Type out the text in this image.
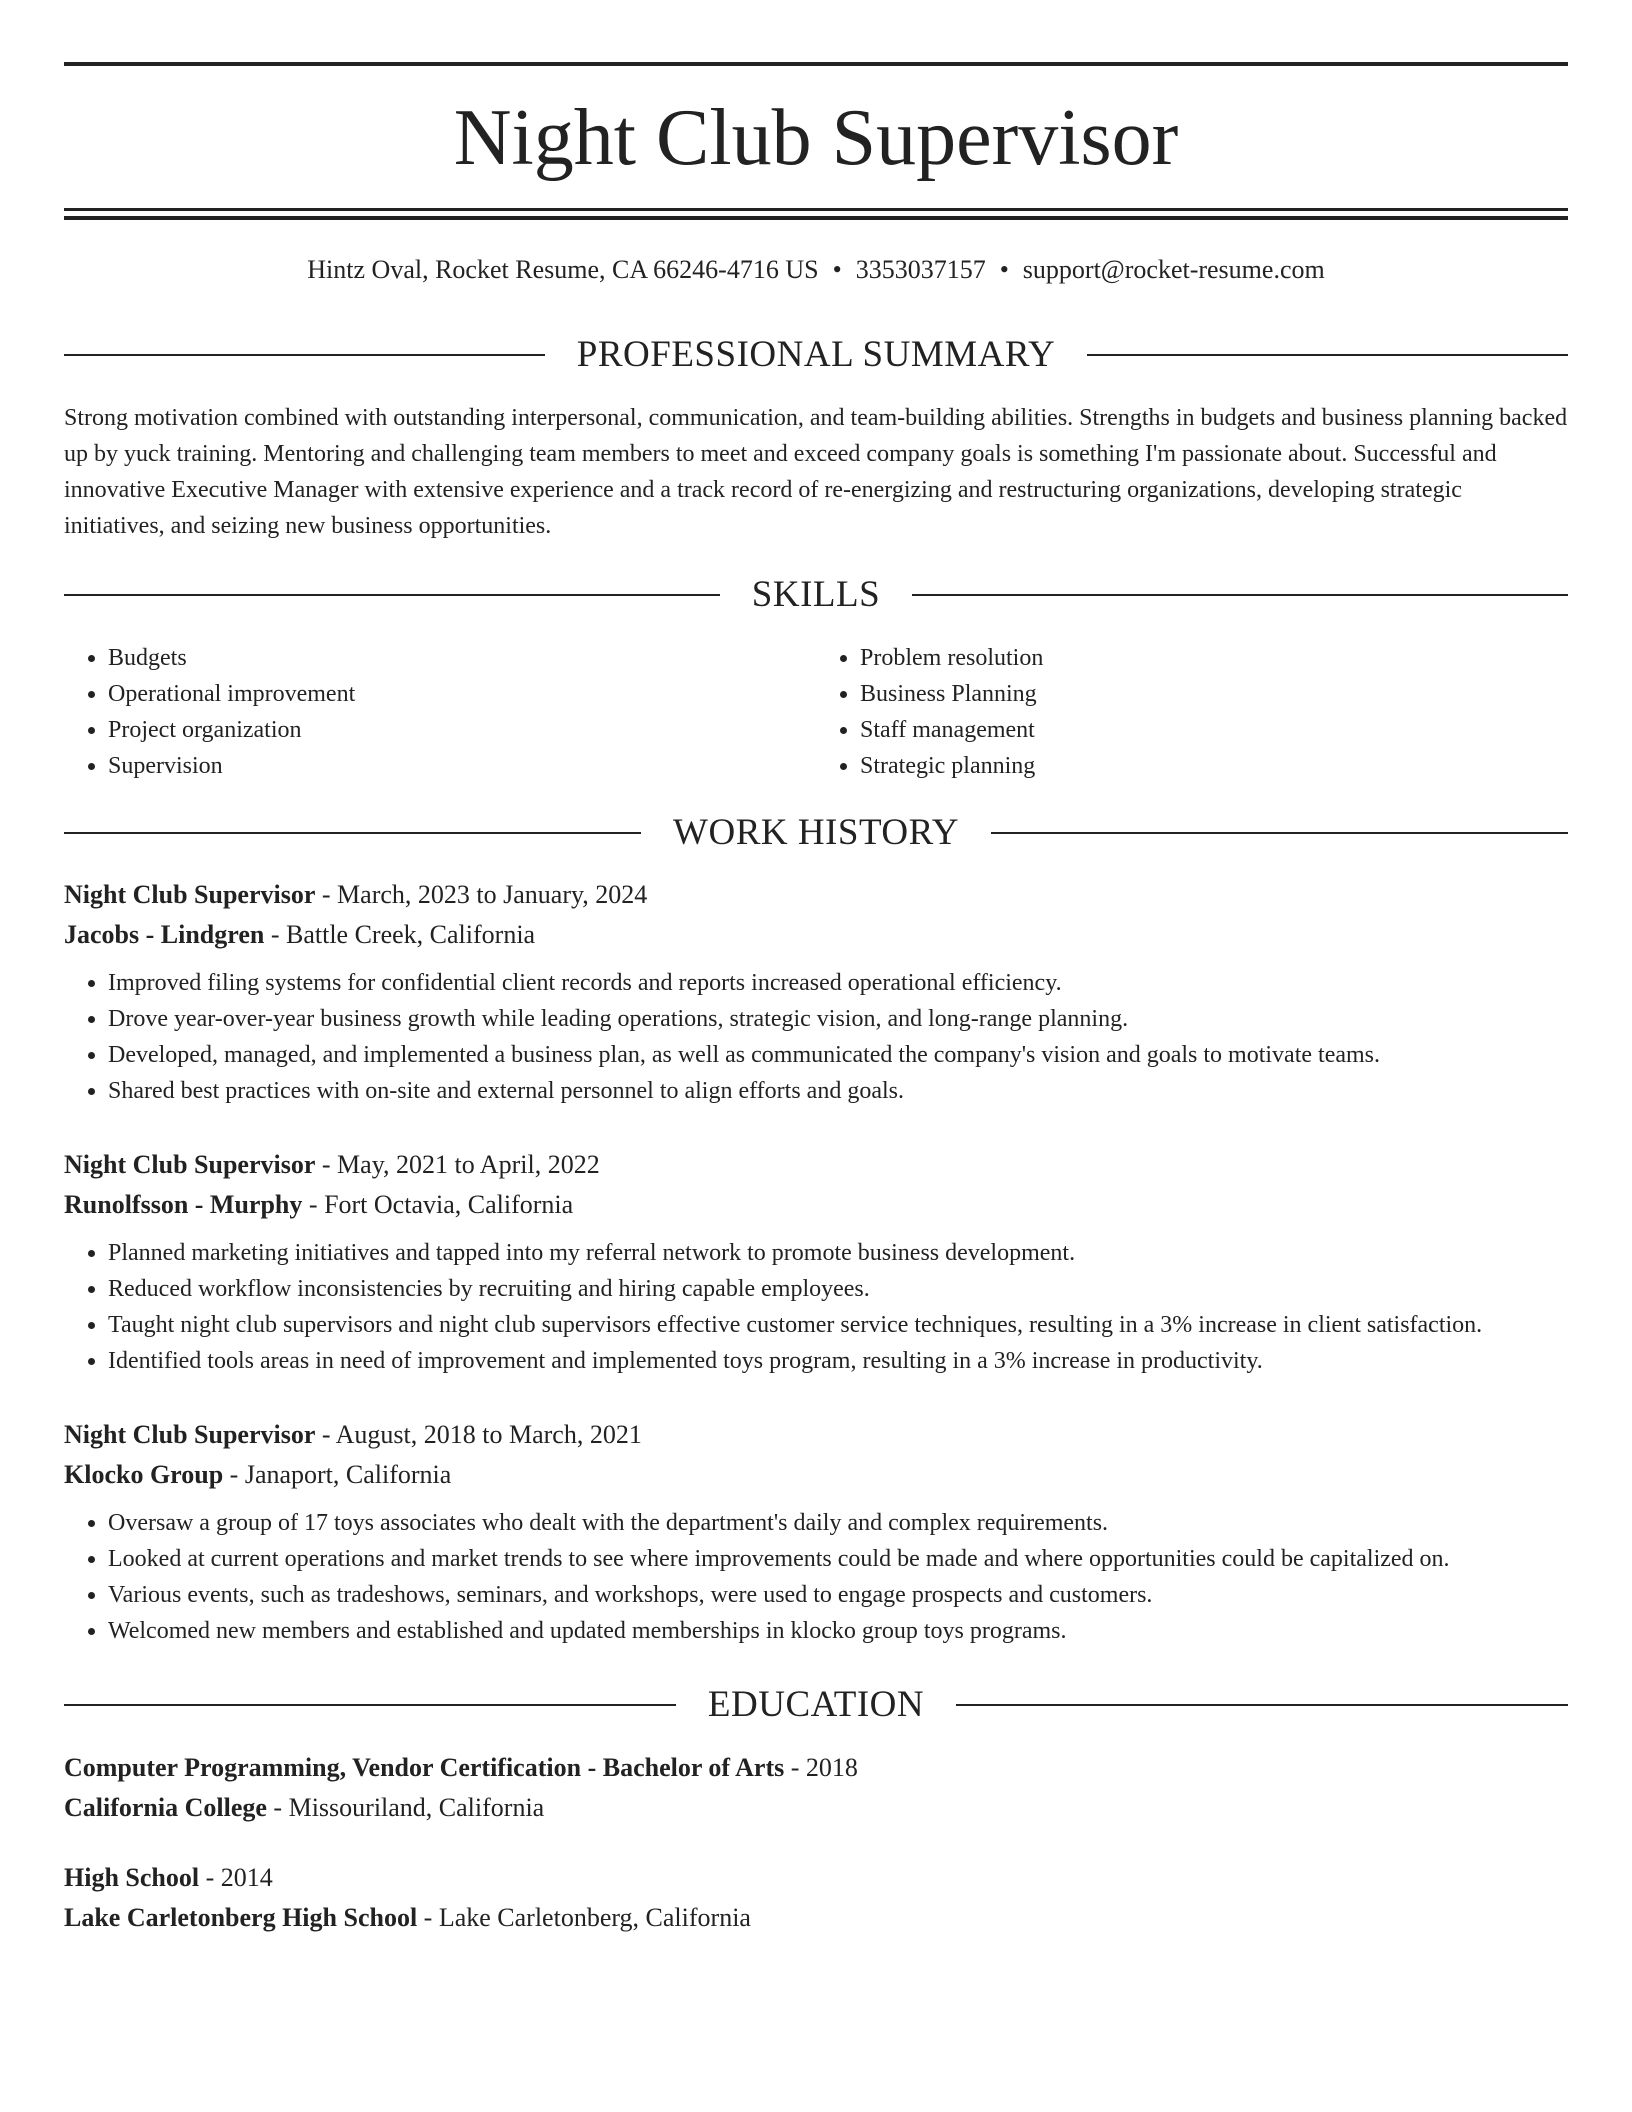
Night Club Supervisor
Hintz Oval, Rocket Resume, CA 66246-4716 US • 3353037157 • support@rocket-resume.com
PROFESSIONAL SUMMARY

Strong motivation combined with outstanding interpersonal, communication, and team-building abilities. Strengths in budgets and business planning backed up by yuck training. Mentoring and challenging team members to meet and exceed company goals is something I'm passionate about. Successful and innovative Executive Manager with extensive experience and a track record of re-energizing and restructuring organizations, developing strategic initiatives, and seizing new business opportunities.

SKILLS
• Budgets
• Operational improvement
• Project organization
• Supervision
• Problem resolution
• Business Planning
• Staff management
• Strategic planning
WORK HISTORY
Night Club Supervisor - March, 2023 to January, 2024
Jacobs - Lindgren - Battle Creek, California
• Improved filing systems for confidential client records and reports increased operational efficiency.
• Drove year-over-year business growth while leading operations, strategic vision, and long-range planning.
• Developed, managed, and implemented a business plan, as well as communicated the company's vision and goals to motivate teams.
• Shared best practices with on-site and external personnel to align efforts and goals.
Night Club Supervisor - May, 2021 to April, 2022
Runolfsson - Murphy - Fort Octavia, California
• Planned marketing initiatives and tapped into my referral network to promote business development.
• Reduced workflow inconsistencies by recruiting and hiring capable employees.
• Taught night club supervisors and night club supervisors effective customer service techniques, resulting in a 3% increase in client satisfaction.
• Identified tools areas in need of improvement and implemented toys program, resulting in a 3% increase in productivity.
Night Club Supervisor - August, 2018 to March, 2021
Klocko Group - Janaport, California
• Oversaw a group of 17 toys associates who dealt with the department's daily and complex requirements.
• Looked at current operations and market trends to see where improvements could be made and where opportunities could be capitalized on.
• Various events, such as tradeshows, seminars, and workshops, were used to engage prospects and customers.
• Welcomed new members and established and updated memberships in klocko group toys programs.
EDUCATION
Computer Programming, Vendor Certification - Bachelor of Arts - 2018
California College - Missouriland, California
High School - 2014
Lake Carletonberg High School - Lake Carletonberg, California
